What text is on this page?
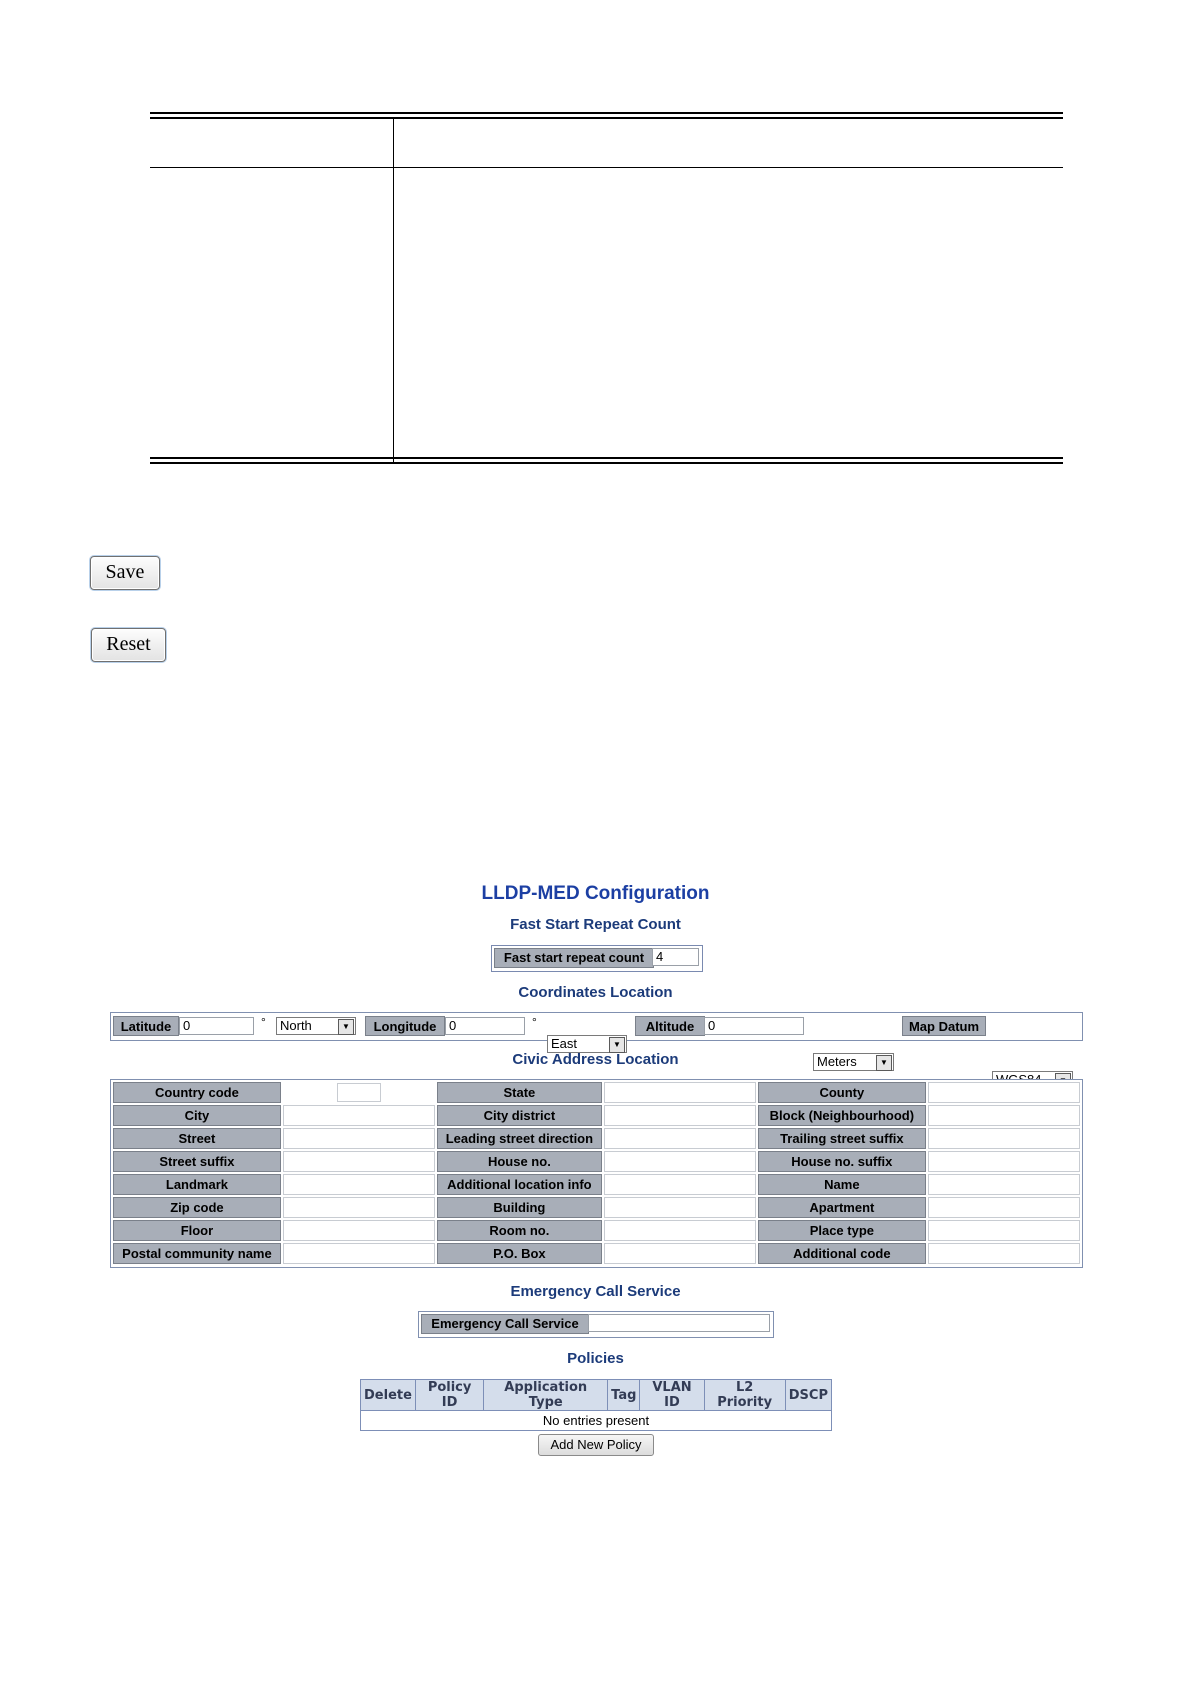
Save
Reset
LLDP-MED Configuration
Fast Start Repeat Count
Fast start repeat count 4
Coordinates Location
Latitude 0	°	North	▼	Longitude 0	°
East	▼
Altitude	0
Meters	▼
Map Datum
Civic Address Location
Country code		State		County	
City		City district		Block (Neighbourhood)	
Street		Leading street direction		Trailing street suffix	
Street suffix		House no.		House no. suffix	
Landmark		Additional location info		Name	
Zip code		Building		Apartment	
Floor		Room no.		Place type	
Postal community name		P.O. Box		Additional code	
Emergency Call Service
Emergency Call Service
Policies
Delete	Policy ID	Application Type	Tag	VLAN ID	L2 Priority	DSCP
No entries present
Add New Policy
